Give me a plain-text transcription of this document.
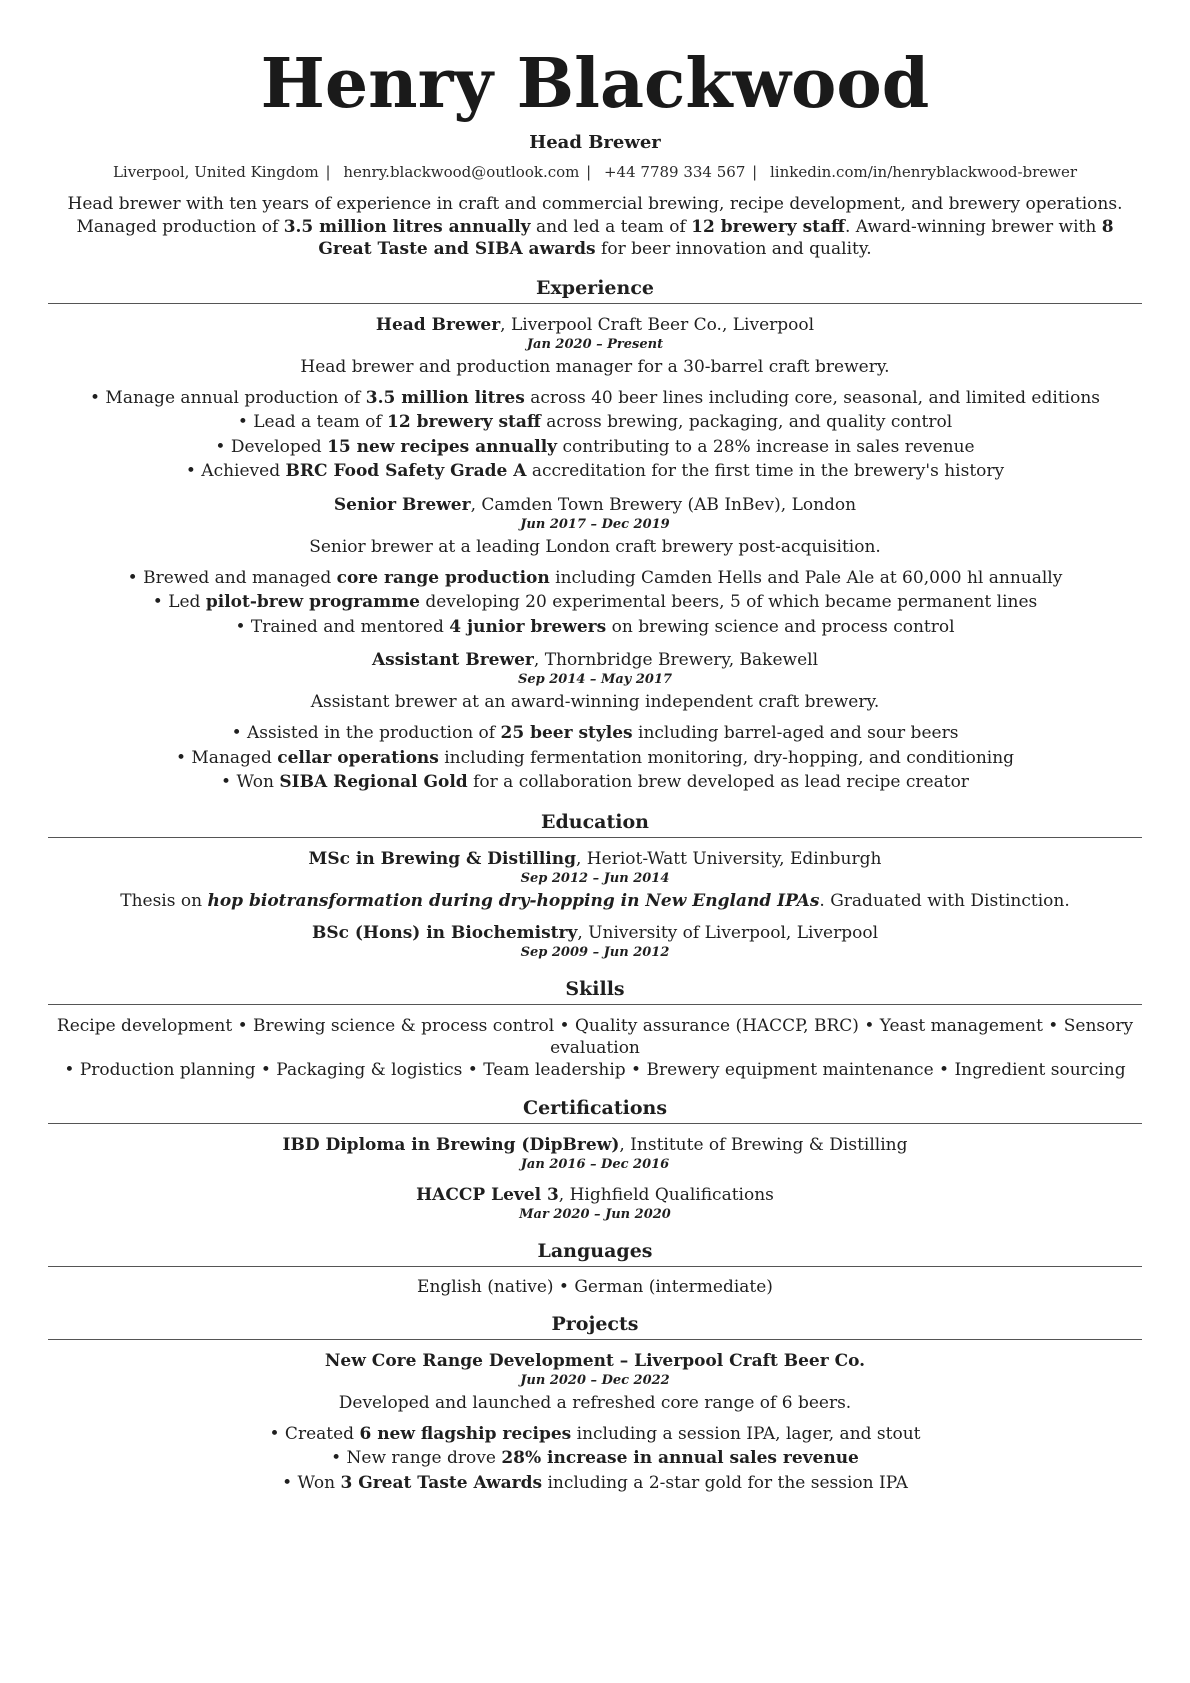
Henry Blackwood
Head Brewer
Liverpool, United Kingdom | henry.blackwood@outlook.com | +44 7789 334 567 | linkedin.com/in/henryblackwood-brewer
Head brewer with ten years of experience in craft and commercial brewing, recipe development, and brewery operations. Managed production of 3.5 million litres annually and led a team of 12 brewery staff. Award-winning brewer with 8 Great Taste and SIBA awards for beer innovation and quality.
Experience
Head Brewer, Liverpool Craft Beer Co., Liverpool
Jan 2020 – Present
Head brewer and production manager for a 30-barrel craft brewery.
• Manage annual production of 3.5 million litres across 40 beer lines including core, seasonal, and limited editions
• Lead a team of 12 brewery staff across brewing, packaging, and quality control
• Developed 15 new recipes annually contributing to a 28% increase in sales revenue
• Achieved BRC Food Safety Grade A accreditation for the first time in the brewery's history
Senior Brewer, Camden Town Brewery (AB InBev), London
Jun 2017 – Dec 2019
Senior brewer at a leading London craft brewery post-acquisition.
• Brewed and managed core range production including Camden Hells and Pale Ale at 60,000 hl annually
• Led pilot-brew programme developing 20 experimental beers, 5 of which became permanent lines
• Trained and mentored 4 junior brewers on brewing science and process control
Assistant Brewer, Thornbridge Brewery, Bakewell
Sep 2014 – May 2017
Assistant brewer at an award-winning independent craft brewery.
• Assisted in the production of 25 beer styles including barrel-aged and sour beers
• Managed cellar operations including fermentation monitoring, dry-hopping, and conditioning
• Won SIBA Regional Gold for a collaboration brew developed as lead recipe creator
Education
MSc in Brewing & Distilling, Heriot-Watt University, Edinburgh
Sep 2012 – Jun 2014
Thesis on hop biotransformation during dry-hopping in New England IPAs. Graduated with Distinction.
BSc (Hons) in Biochemistry, University of Liverpool, Liverpool
Sep 2009 – Jun 2012
Skills
Recipe development • Brewing science & process control • Quality assurance (HACCP, BRC) • Yeast management • Sensory evaluation
• Production planning • Packaging & logistics • Team leadership • Brewery equipment maintenance • Ingredient sourcing
Certifications
IBD Diploma in Brewing (DipBrew), Institute of Brewing & Distilling
Jan 2016 – Dec 2016
HACCP Level 3, Highfield Qualifications
Mar 2020 – Jun 2020
Languages
English (native) • German (intermediate)
Projects
New Core Range Development – Liverpool Craft Beer Co.
Jun 2020 – Dec 2022
Developed and launched a refreshed core range of 6 beers.
• Created 6 new flagship recipes including a session IPA, lager, and stout
• New range drove 28% increase in annual sales revenue
• Won 3 Great Taste Awards including a 2-star gold for the session IPA
